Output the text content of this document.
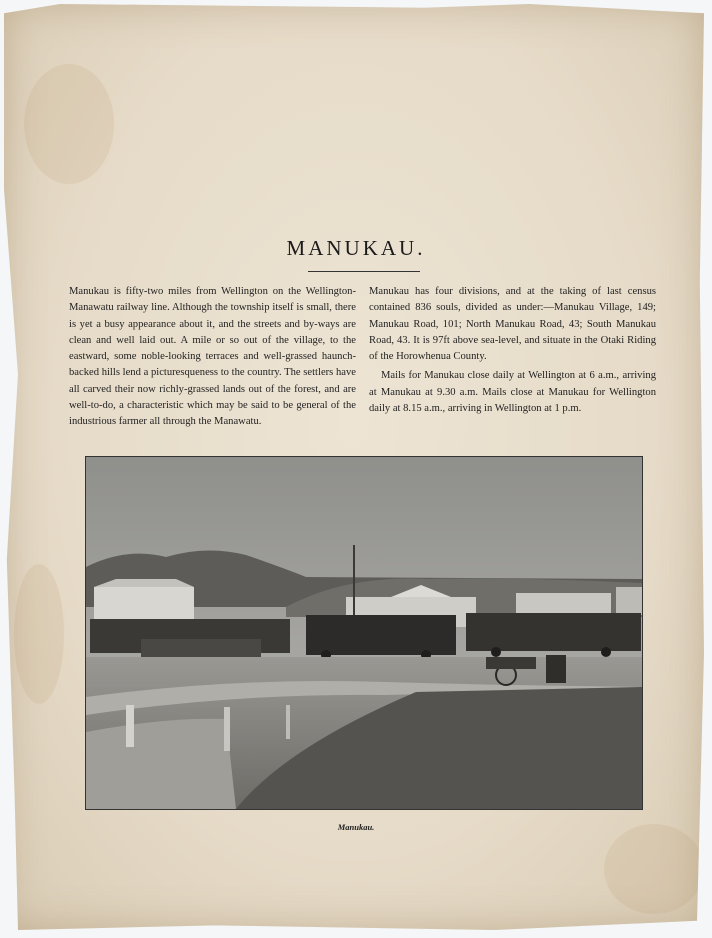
MANUKAU.

Manukau is fifty-two miles from Wellington on the Wellington-Manawatu railway line. Although the township itself is small, there is yet a busy appearance about it, and the streets and by-ways are clean and well laid out. A mile or so out of the village, to the eastward, some noble-looking terraces and well-grassed haunch-backed hills lend a picturesqueness to the country. The settlers have all carved their now richly-grassed lands out of the forest, and are well-to-do, a characteristic which may be said to be general of the industrious farmer all through the Manawatu.

Manukau has four divisions, and at the taking of last census contained 836 souls, divided as under:—Manukau Village, 149; Manukau Road, 101; North Manukau Road, 43; South Manukau Road, 43. It is 97ft above sea-level, and situate in the Otaki Riding of the Horowhenua County.

Mails for Manukau close daily at Wellington at 6 a.m., arriving at Manukau at 9.30 a.m. Mails close at Manukau for Wellington daily at 8.15 a.m., arriving in Wellington at 1 p.m.

Manukau.
